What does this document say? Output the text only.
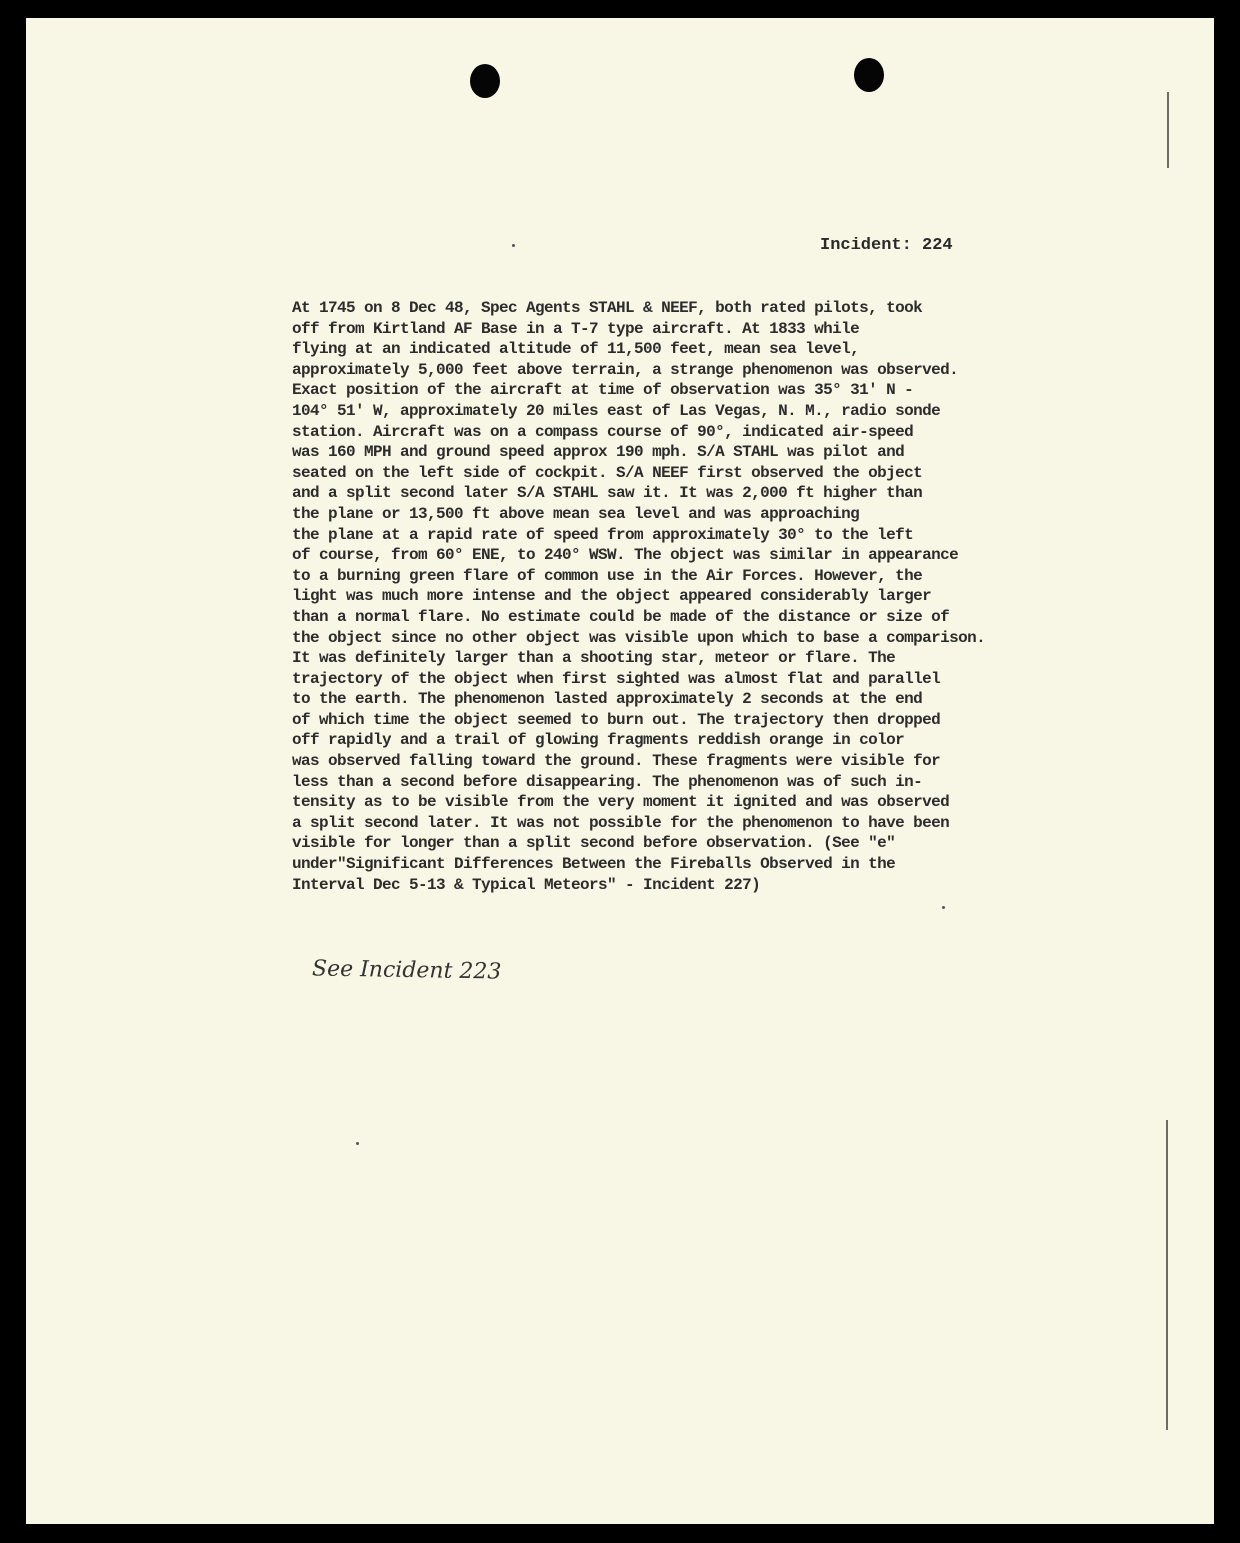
Incident: 224
At 1745 on 8 Dec 48, Spec Agents STAHL & NEEF, both rated pilots, took
off from Kirtland AF Base in a T-7 type aircraft. At 1833 while
flying at an indicated altitude of 11,500 feet, mean sea level,
approximately 5,000 feet above terrain, a strange phenomenon was observed.
Exact position of the aircraft at time of observation was 35° 31' N -
104° 51' W, approximately 20 miles east of Las Vegas, N. M., radio sonde
station. Aircraft was on a compass course of 90°, indicated air-speed
was 160 MPH and ground speed approx 190 mph. S/A STAHL was pilot and
seated on the left side of cockpit. S/A NEEF first observed the object
and a split second later S/A STAHL saw it. It was 2,000 ft higher than
the plane or 13,500 ft above mean sea level and was approaching
the plane at a rapid rate of speed from approximately 30° to the left
of course, from 60° ENE, to 240° WSW. The object was similar in appearance
to a burning green flare of common use in the Air Forces. However, the
light was much more intense and the object appeared considerably larger
than a normal flare. No estimate could be made of the distance or size of
the object since no other object was visible upon which to base a comparison.
It was definitely larger than a shooting star, meteor or flare. The
trajectory of the object when first sighted was almost flat and parallel
to the earth. The phenomenon lasted approximately 2 seconds at the end
of which time the object seemed to burn out. The trajectory then dropped
off rapidly and a trail of glowing fragments reddish orange in color
was observed falling toward the ground. These fragments were visible for
less than a second before disappearing. The phenomenon was of such in-
tensity as to be visible from the very moment it ignited and was observed
a split second later. It was not possible for the phenomenon to have been
visible for longer than a split second before observation. (See "e"
under"Significant Differences Between the Fireballs Observed in the
Interval Dec 5-13 & Typical Meteors" - Incident 227)
See Incident 223
